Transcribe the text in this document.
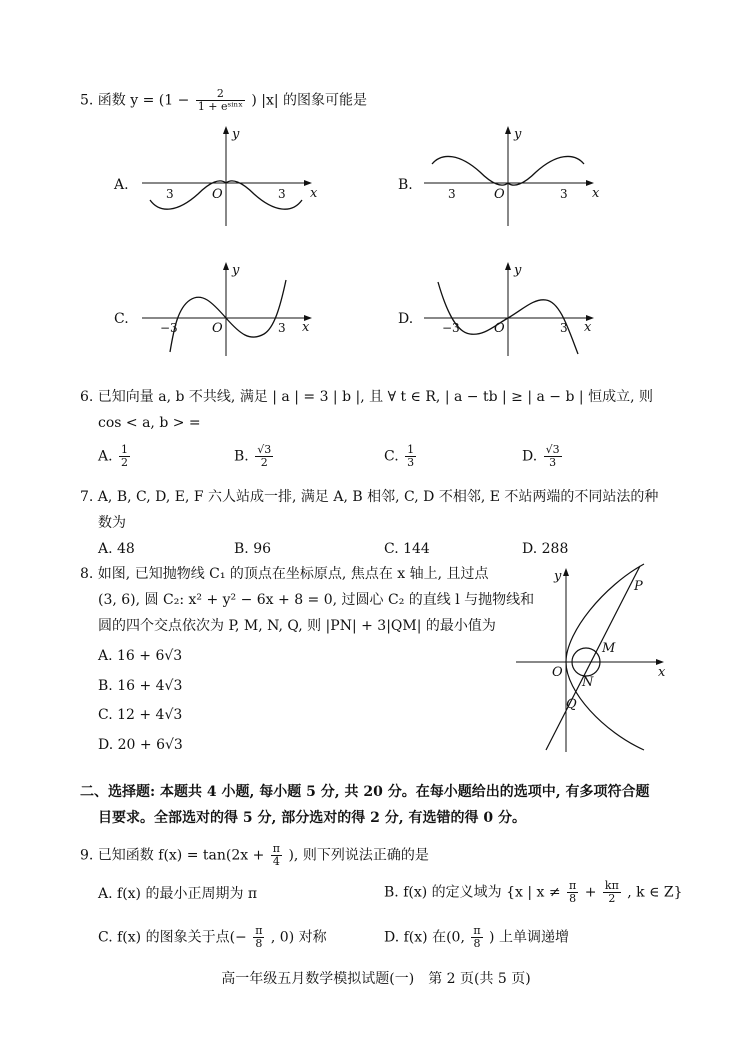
5. 函数 $y = (1 - \frac{2}{\text{1 + eˢⁱⁿˣ}}$ ) |x| 的图象可能是
A.
y
x
O
3	3
B.
y
x
O
3	3
C.
y
x
O
−3	3
D.
y
x
O
−3	3
6. 已知向量 a, b 不共线, 满足 | a | = 3 | b |, 且 ∀ t ∈ R, | a − tb | ≥ | a − b | 恒成立, 则
cos < a, b > =
A. $\frac{1}{2}$	B. $\frac{√3}{2}$	C. $\frac{1}{3}$	D. $\frac{√3}{3}$
7. A, B, C, D, E, F 六人站成一排, 满足 A, B 相邻, C, D 不相邻, E 不站两端的不同站法的种
数为
A. 48	B. 96	C. 144	D. 288
8. 如图, 已知抛物线 C₁ 的顶点在坐标原点, 焦点在 x 轴上, 且过点
(3, 6), 圆 C₂: x² + y² − 6x + 8 = 0, 过圆心 C₂ 的直线 l 与抛物线和
圆的四个交点依次为 P, M, N, Q, 则 |PN| + 3|QM| 的最小值为
A. 16 + 6√3
B. 16 + 4√3
C. 12 + 4√3
D. 20 + 6√3
y
x
O
P
M
N
Q
二、选择题: 本题共 4 小题, 每小题 5 分, 共 20 分。在每小题给出的选项中, 有多项符合题
目要求。全部选对的得 5 分, 部分选对的得 2 分, 有选错的得 0 分。
9. 已知函数 $f(x) = \tan(2x + \frac{\pi}{4}$ ), 则下列说法正确的是
A. f(x) 的最小正周期为 π	B. f(x) 的定义域为 {x | $x \ne \frac{\pi}{8} + \frac{k\pi}{2}$ , k ∈ Z}
C. f(x) 的图象关于点(− $\frac{\pi}{8}$ , 0) 对称	D. f(x) 在(0, $\frac{\pi}{8}$ ) 上单调递增
高一年级五月数学模拟试题(一)　第 2 页(共 5 页)
